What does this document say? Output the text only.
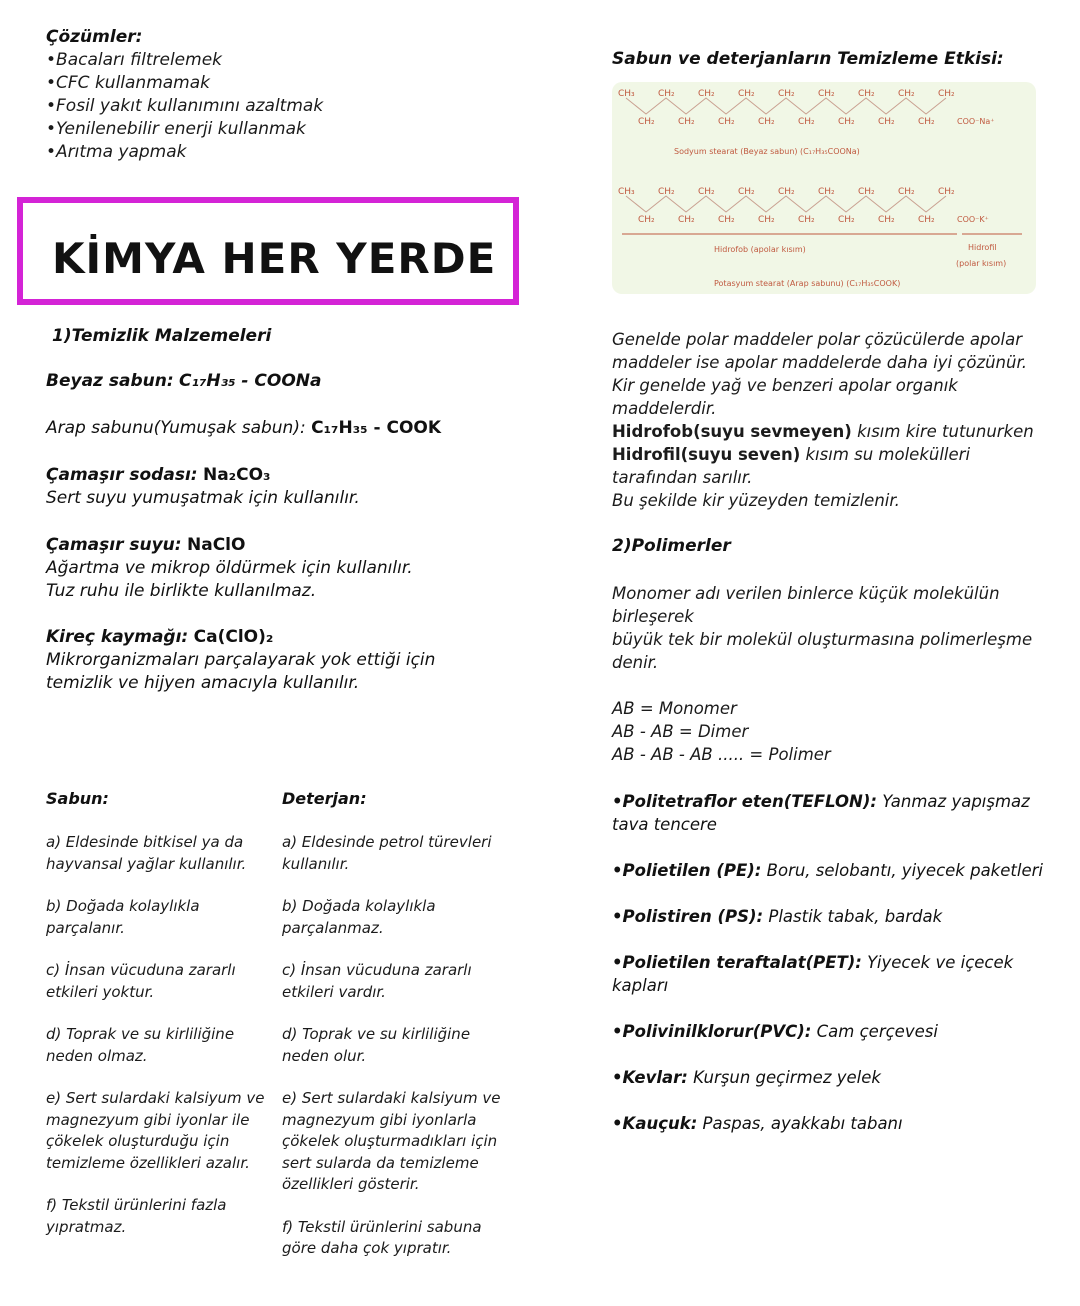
Çözümler:
•Bacaları filtrelemek
•CFC kullanmamak
•Fosil yakıt kullanımını azaltmak
•Yenilenebilir enerji kullanmak
•Arıtma yapmak
KİMYA HER YERDE
1)Temizlik Malzemeleri
Beyaz sabun: C₁₇H₃₅ - COONa
Arap sabunu(Yumuşak sabun): C₁₇H₃₅ - COOK
Çamaşır sodası: Na₂CO₃
Sert suyu yumuşatmak için kullanılır.
Çamaşır suyu: NaClO
Ağartma ve mikrop öldürmek için kullanılır.
Tuz ruhu ile birlikte kullanılmaz.
Kireç kaymağı: Ca(ClO)₂
Mikrorganizmaları parçalayarak yok ettiği için
temizlik ve hijyen amacıyla kullanılır.
Sabun:	Deterjan:
a) Eldesinde bitkisel ya da
hayvansal yağlar kullanılır.
b) Doğada kolaylıkla
parçalanır.
c) İnsan vücuduna zararlı
etkileri yoktur.
d) Toprak ve su kirliliğine
neden olmaz.
e) Sert sulardaki kalsiyum ve
magnezyum gibi iyonlar ile
çökelek oluşturduğu için
temizleme özellikleri azalır.
f) Tekstil ürünlerini fazla
yıpratmaz.
a) Eldesinde petrol türevleri
kullanılır.
b) Doğada kolaylıkla
parçalanmaz.
c) İnsan vücuduna zararlı
etkileri vardır.
d) Toprak ve su kirliliğine
neden olur.
e) Sert sulardaki kalsiyum ve
magnezyum gibi iyonlarla
çökelek oluşturmadıkları için
sert sularda da temizleme
özellikleri gösterir.
f) Tekstil ürünlerini sabuna
göre daha çok yıpratır.
Sabun ve deterjanların Temizleme Etkisi:
CH₃
CH₂
CH₂
CH₂
CH₂
CH₂
CH₂
CH₂
CH₂
CH₂
CH₂
CH₂
CH₂
CH₂
CH₂
CH₂
CH₂
COO⁻Na⁺
CH₃
CH₂
CH₂
CH₂
CH₂
CH₂
CH₂
CH₂
CH₂
CH₂
CH₂
CH₂
CH₂
CH₂
CH₂
CH₂
CH₂
COO⁻K⁺
Sodyum stearat (Beyaz sabun) (C₁₇H₃₅COONa)
Hidrofob (apolar kısım)	Hidrofil
(polar kısım)
Potasyum stearat (Arap sabunu) (C₁₇H₃₅COOK)
Genelde polar maddeler polar çözücülerde apolar
maddeler ise apolar maddelerde daha iyi çözünür.
Kir genelde yağ ve benzeri apolar organık
maddelerdir.
Hidrofob(suyu sevmeyen) kısım kire tutunurken
Hidrofil(suyu seven) kısım su molekülleri
tarafından sarılır.
Bu şekilde kir yüzeyden temizlenir.
2)Polimerler
Monomer adı verilen binlerce küçük molekülün
birleşerek
büyük tek bir molekül oluşturmasına polimerleşme
denir.
AB = Monomer
AB - AB = Dimer
AB - AB - AB ..... = Polimer
•Politetraflor eten(TEFLON): Yanmaz yapışmaz
tava tencere
•Polietilen (PE): Boru, selobantı, yiyecek paketleri
•Polistiren (PS): Plastik tabak, bardak
•Polietilen teraftalat(PET): Yiyecek ve içecek
kapları
•Polivinilklorur(PVC): Cam çerçevesi
•Kevlar: Kurşun geçirmez yelek
•Kauçuk: Paspas, ayakkabı tabanı
